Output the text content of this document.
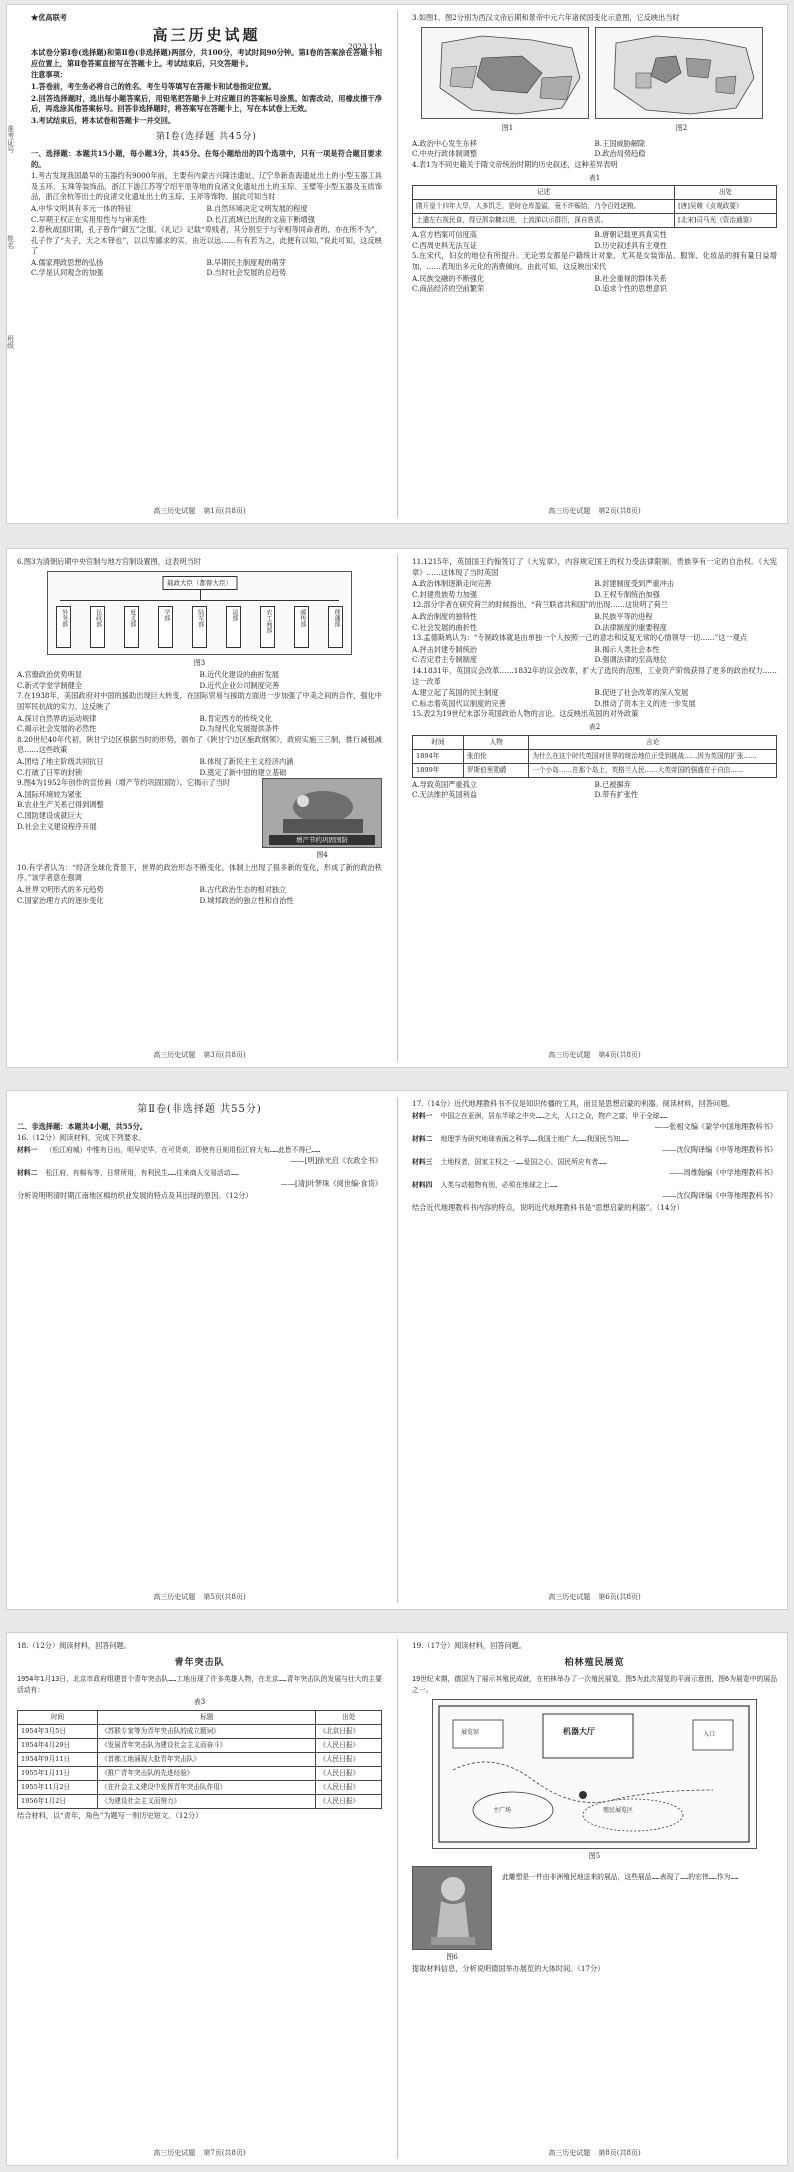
准考证号
姓名
班级
★优高联考
高三历史试题
2023.11

本试卷分第Ⅰ卷(选择题)和第Ⅱ卷(非选择题)两部分，共100分，考试时间90分钟。第Ⅰ卷的答案涂在答题卡相应位置上，第Ⅱ卷答案直接写在答题卡上。考试结束后，只交答题卡。

注意事项：

1.答卷前，考生务必将自己的姓名、考生号等填写在答题卡和试卷指定位置。

2.回答选择题时，选出每小题答案后，用铅笔把答题卡上对应题目的答案标号涂黑。如需改动，用橡皮擦干净后，再选涂其他答案标号。回答非选择题时，将答案写在答题卡上，写在本试卷上无效。

3.考试结束后，将本试卷和答题卡一并交回。

第Ⅰ卷(选择题 共45分)

一、选择题：本题共15小题，每小题3分，共45分。在每小题给出的四个选项中，只有一项是符合题目要求的。

1.考古发现我国最早的玉器约有9000年前，主要有内蒙古兴隆洼遗址、辽宁阜新查海遗址出土的小型玉器工具及玉环、玉珠等装饰品，浙江下游江苏等宁绍平原等地的良渚文化遗址出土的玉琮、玉璧等小型玉器及玉质饰品，浙江余杭等出土的良渚文化遗址出土的玉琮、玉斧等饰物。据此可知当时

A.中华文明具有多元一体的特征	B.自然环境决定文明发展的程度
C.早期王权正在实用用性与与审美性	D.长江流域已出现的文庙下断增强

2.春秋战国时期，孔子曾作“御五”之服。《礼记》记载“卑贱者，其分别至于与宰相等同命者的，亦在所不为”，孔子作了“夫子，天之木铎也”，以以卑鄙求的实，由近以远……有有若为之，此便有以知，”说此可知，这反映了

A.儒家理政思想的弘扬	B.早期民主制度观的萌芽
C.学是认同观念的加强	D.当时社会发展的总趋势
高三历史试题 第1页(共8页)

3.如图1、图2分别为西汉文帝后期和景帝中元六年诸侯国变化示意图，它反映出当时

图1	图2
A.政治中心发生东移	B.王国威胁解除
C.中央行政体制调整	D.政治局势趋稳

4.表1为不同史籍关于隋文帝统治时期的历史叙述，这种差异表明

表1
记述	出处
隋开皇十四年大旱，人多饥乏，是时仓库盈溢，竟不许赈给，乃令百姓逐粮。	[唐]吴兢《贞观政要》
上遣左右视民食，得豆屑杂糠以进，上流涕以示群臣，深自咎责。	[北宋]司马光《资治通鉴》
A.官方档案可信度高	B.唐朝记载更具真实性
C.西周史料无法互证	D.历史叙述具有主观性

5.在宋代，妇女的地位有所提升。无论男女都是户籍统计对象，尤其是女装饰品、服饰、化妆品的拥有量日益增加，……表现出多元化的消费倾向。由此可知，这反映出宋代

A.民族交融的不断强化	B.社会重视的群体关系
C.商品经济的空前繁荣	D.追求个性的思想意识
高三历史试题 第2页(共8页)

6.图3为清朝后期中央官制与地方官制设置图，这表明当时

载政大臣（都督大臣）
外务部	民政部	度支部	学部	陆军部	法部	农工商部	邮传部	理藩部
图3
A.官僚政治优势明显	B.近代化建设的曲折发展
C.新式学堂学制健全	D.近代企业公司制度完善

7.在1938年，美国政府对中国的援助出现巨大转变，在国际贸易与援助方面进一步加强了中美之间的合作，强化中国军民抗战的实力。这反映了

A.探讨自然界的运动规律	B.肯定西方的传统文化
C.揭示社会发展的必然性	D.为现代化发展提供条件

8.20世纪40年代初，陕甘宁边区根据当时的形势，颁布了《陕甘宁边区施政纲领》，政府实施三三制，推行减租减息……这些政策

A.团结了地主阶级共同抗日	B.体现了新民主主义经济内涵
C.打破了日军的封锁	D.奠定了新中国的建立基础

9.图4为1952年创作的宣传画（增产节约巩固国防）。它揭示了当时

A.国际环境较为紧张
B.农业生产关系已得到调整
C.国防建设成就巨大
D.社会主义建设程序开展
增产节约巩固国防
图4

10.有学者认为：“经济全球化背景下，世界的政治形态不断变化，体制上出现了很多新的变化，形成了新的政治秩序。”该学者意在强调

A.世界文明形式的多元趋势	B.古代政治生态的相对独立
C.国家治理方式的逐步变化	D.城邦政治的独立性和自治性
高三历史试题 第3页(共8页)

11.1215年，英国国王约翰签订了《大宪章》，内容规定国王的权力受法律限制，贵族享有一定的自治权。《大宪章》……这体现了当时英国

A.政治体制逐渐走向完善	B.封建制度受到严重冲击
C.封建贵族势力加强	D.王权专制统治加强

12.部分学者在研究荷兰的时候指出，“荷兰联省共和国”的出现……这说明了荷兰

A.政治制度的独特性	B.民族平等的进程
C.社会发展的曲折性	D.法律制度的重要程度

13.孟德斯鸠认为：“专制政体就是由单独一个人按照一己的意志和反复无常的心情领导一切……”这一观点

A.抨击封建专制统治	B.揭示人类社会本性
C.否定君主专制制度	D.强调法律的至高地位

14.1831年，英国议会改革……1832年的议会改革，扩大了选民的范围，工业资产阶级获得了更多的政治权力……这一改革

A.建立起了英国的民主制度	B.促进了社会改革的深入发展
C.标志着英国代议制度的完善	D.推动了资本主义的进一步发展

15.表2为19世纪末部分英国政治人物的言论。这反映出英国的对外政策

表2
时间	人物	言论
1894年	张伯伦	为什么在这个时代英国对世界的统治地位正受到挑战……因为英国的扩张……
1899年	罗斯伯里勋爵	一个小岛……在那个岛上，英格兰人民……大英帝国的强盛在于自由……
A.导致英国严重孤立	B.已被摒弃
C.无法维护英国利益	D.带有扩张性
高三历史试题 第4页(共8页)
第Ⅱ卷(非选择题 共55分)

二、非选择题：本题共4小题，共55分。

16.（12分）阅读材料，完成下列要求。

材料一 （松江府城）中惟有日出，明早完毕，在可货卖，即使有日则用松江府大布……此皆不得已……

——[明]徐光启《农政全书》

材料二 松江府，有棉布等，日常所用，有利民生……往来商人交易活动……

——[清]叶梦珠《阅世编·食货》

分析说明明清时期江南地区棉纺织业发展的特点及其出现的原因。（12分）

高三历史试题 第5页(共8页)

17.（14分）近代地理教科书不仅是知识传播的工具，而且是思想启蒙的利器。阅读材料，回答问题。

材料一 中国之在亚洲，居东半球之中央……之大，人口之众，物产之富，甲于全球……

——张相文编《蒙学中国地理教科书》

材料二 地理学为研究地球表面之科学……我国土地广大……我国民当知……

——沈仪陶译编《中等地理教科书》

材料三 土地权者，国家主权之一……爱国之心，国民所应有者……

——周维翰编《中学地理教科书》

材料四 人类与动植物有别，必须在地球之上……

——沈仪陶译编《中等地理教科书》

结合近代地理教科书内容的特点，说明近代地理教科书是“思想启蒙的利器”。（14分）

高三历史试题 第6页(共8页)

18.（12分）阅读材料，回答问题。

青年突击队

1954年1月13日，北京市政府组建首个青年突击队……工地出现了许多英雄人物，在北京……青年突击队的发展与壮大的主要活动有：

表3
时间	标题	出处
1954年3月5日	《苏联专家等为青年突击队的成立题词》	《北京日报》
1954年4月29日	《发展青年突击队为建设社会主义而奋斗》	《人民日报》
1954年9月11日	《首都工地涌现大批青年突击队》	《人民日报》
1955年1月11日	《推广青年突击队的先进经验》	《人民日报》
1955年11月2日	《在社会主义建设中发挥青年突击队作用》	《人民日报》
1956年1月2日	《为建设社会主义而努力》	《人民日报》

结合材料，以“青年，角色”为题写一则历史短文。（12分）

高三历史试题 第7页(共8页)

19.（17分）阅读材料，回答问题。

柏林殖民展览

19世纪末期，德国为了展示其殖民成就，在柏林举办了一次殖民展览。图5为此次展览的平面示意图，图6为展览中的展品之一。

机器大厅
殖民展览区
入口
主广场
展览馆
图5
图6

此雕塑是一件由非洲殖民地送来的展品，这些展品……表现了……的宏伟……作为……

提取材料信息，分析说明德国举办展览的大体时间。（17分）

高三历史试题 第8页(共8页)
